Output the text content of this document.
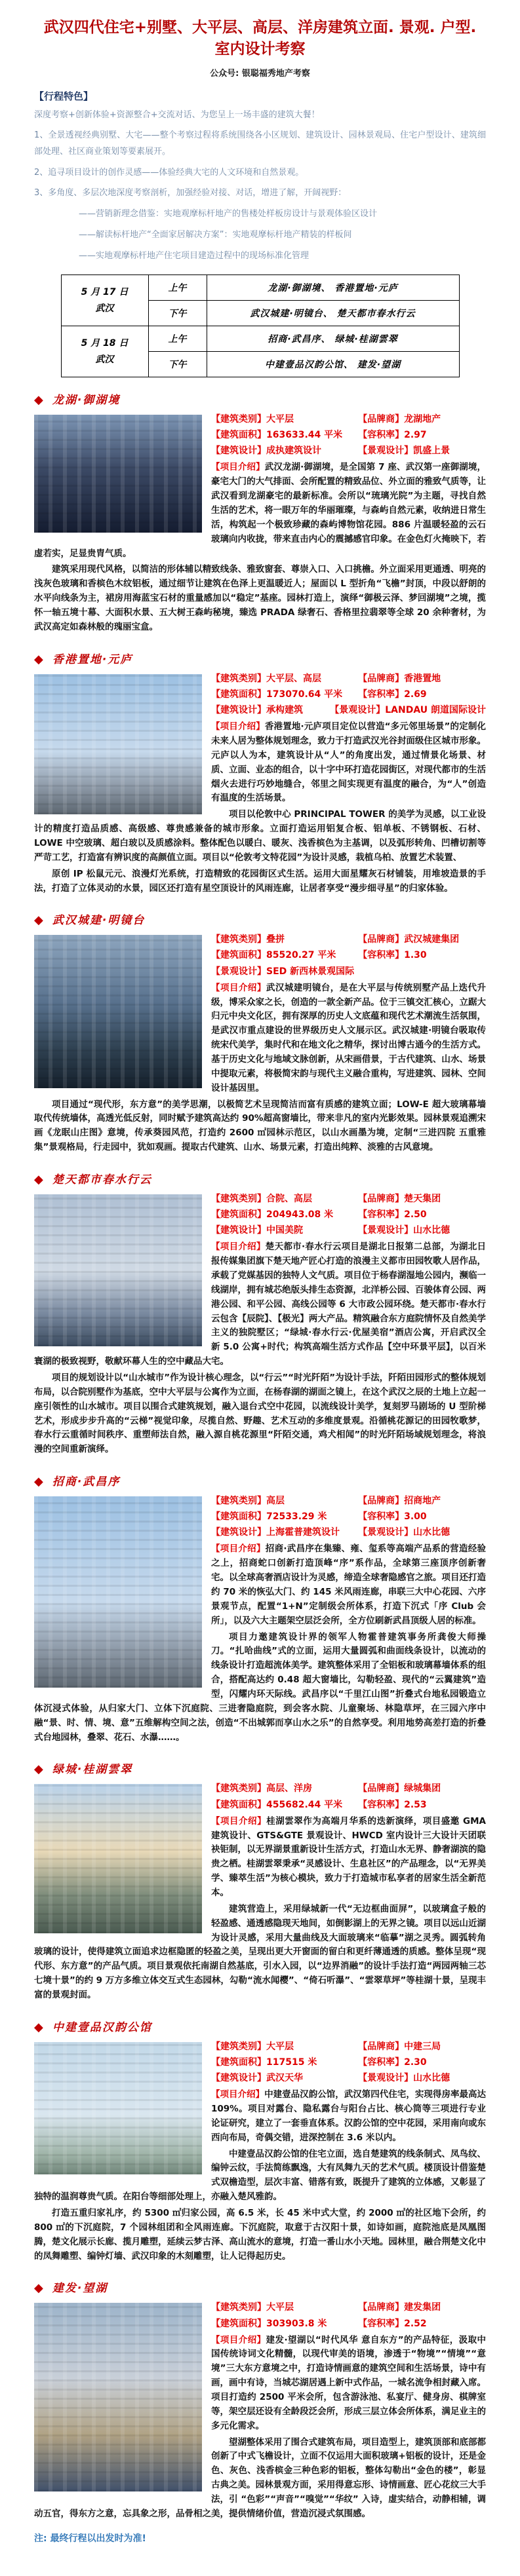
武汉四代住宅+别墅、大平层、高层、洋房建筑立面. 景观. 户型. 室内设计考察
公众号: 银聪福秀地产考察
【行程特色】

深度考察+创新体验+资源整合+交流对话、为您呈上一场丰盛的建筑大餐！

1、全景透视经典别墅、大宅——整个考察过程将系统围绕各小区规划、建筑设计、园林景观局、住宅户型设计、建筑细部处理、社区商业策划等要素展开。

2、追寻项目设计的创作灵感——体验经典大宅的人文环境和自然景观。

3、多角度、多层次地深度考察剖析，加强经验对接、对话，增进了解，开阔视野：

——营销新理念借鉴：实地观摩标杆地产的售楼处样板房设计与景观体验区设计

——解读标杆地产“全面家居解决方案”：实地观摩标杆地产精装的样板间

——实地观摩标杆地产住宅项目建造过程中的现场标准化管理

5 月 17 日
武汉	上午	龙湖·御湖境、 香港置地·元庐
	下午	武汉城建·明镜台、 楚天都市春水行云
5 月 18 日
武汉	上午	招商·武昌序、 绿城·桂湖雲翠
	下午	中建壹品汉韵公馆、 建发·望湖
◆ 龙湖·御湖境
【建筑类别】大平层	【品牌商】龙湖地产
【建筑面积】163633.44 平米	【容积率】2.97
【建筑设计】成执建筑设计	【景观设计】凯盛上景

【项目介绍】武汉龙湖·御湖境，是全国第 7 座、武汉第一座御湖境，豪宅大门的大气排面、会所配置的精致品位、外立面的雅致气质等，让武汉看到龙湖豪宅的最新标准。会所以“琉璃光院”为主题，寻找自然生活的艺术，将一眼万年的华丽璀璨，与森屿自然元素，收纳进日常生活，构筑起一个极致珍藏的森屿博物馆花园。886 片温暖轻盈的云石玻璃向内收拢，带来直击内心的震撼感官印象。在金色灯火掩映下，若虚若实，足显贵胄气质。

建筑采用现代风格，以简洁的形体辅以精致线条、雅致窗套、尊崇入口、入口挑檐。外立面采用更通透、明亮的浅灰色玻璃和香槟色木纹铝板，通过细节让建筑在色泽上更温暖近人；屋面以 L 型折角“飞檐”封顶，中段以舒朗的水平向线条为主，裙房用海蓝宝石材的重量感加以“稳定”基座。园林打造上，演绎“御极云泽、梦回湖境”之境，揽怀一轴五境十幕、大面积水景、五大树王森屿秘境，臻选 PRADA 绿奢石、香格里拉翡翠等全球 20 余种奢材，为武汉高定如森林般的瑰丽宝盒。

◆ 香港置地·元庐
【建筑类别】大平层、高层	【品牌商】香港置地
【建筑面积】173070.64 平米	【容积率】2.69
【建筑设计】承构建筑	【景观设计】LANDAU 朗道国际设计

【项目介绍】香港置地·元庐项目定位以营造“多元邻里场景”的定制化未来人居为整体规划理念，致力于打造武汉光谷封面级住区城市形象。元庐以人为本，建筑设计从“人”的角度出发，通过情景化场景、材质、立面、业态的组合，以十字中环打造花园街区，对现代都市的生活烟火去进行巧妙地缝合，邻里之间实现更有温度的融合，为“人”创造有温度的生活场景。

项目以伦敦中心 PRINCIPAL TOWER 的美学为灵感，以工业设计的精度打造品质感、高级感、尊贵感兼备的城市形象。立面打造运用铝复合板、铝单板、不锈钢板、石材、LOWE 中空玻璃、超白玻以及质感涂料。整体配色以暖白、暖灰、浅香槟色为主基调，以及弧形转角、凹槽切割等严苛工艺，打造富有辨识度的高颜值立面。项目以“伦敦考文特花园”为设计灵感，栽植乌柏、放置艺术装置、

原创 IP 松鼠元元、浪漫灯光系统，打造精致的花园街区式生活。运用大面星耀灰石材铺装，用堆坡造景的手法，打造了立体灵动的水景，园区还打造有星空顶设计的风雨连廊，让居者享受“漫步细寻星”的归家体验。

◆ 武汉城建·明镜台
【建筑类别】叠拼	【品牌商】武汉城建集团
【建筑面积】85520.27 平米	【容积率】1.30
【景观设计】SED 新西林景观国际

【项目介绍】武汉城建明镜台，是在大平层与传统别墅产品上迭代升级，博采众家之长，创造的一款全新产品。位于三镇交汇核心，立踞大归元中央文化区，拥有深厚的历史人文底蕴和现代艺术潮流生活氛围，是武汉市重点建设的世界级历史人文展示区。武汉城建·明镜台吸取传统宋代美学，集时代和在地文化之精华，探讨出博古通今的生活方式。基于历史文化与地域文脉创新，从宋画借景，于古代建筑、山水、场景中提取元素，将极简宋韵与现代主义融合重构，写进建筑、园林、空间设计基因里。

项目通过“现代形，东方意”的美学思潮，以极简艺术呈现简洁而富有质感的建筑立面；LOW-E 超大玻璃幕墙取代传统墙体，高透光低反射，同时赋予建筑高达约 90%超高窗墙比，带来非凡的室内光影效果。园林景观追溯宋画《龙眠山庄图》意境，传承葵园风范，打造约 2600 ㎡园林示范区，以山水画墨为境，定制“三进四院 五重雅集”景观格局，行走园中，犹如观画。提取古代建筑、山水、场景元素，打造出纯粹、淡雅的古风意境。

◆ 楚天都市春水行云
【建筑类别】合院、高层	【品牌商】楚天集团
【建筑面积】204943.08 米	【容积率】2.50
【建筑设计】中国美院	【景观设计】山水比德

【项目介绍】楚天都市·春水行云项目是湖北日报第二总部，为湖北日报传媒集团旗下楚天地产匠心打造的浪漫主义都市田园牧歌人居作品，承载了党媒基因的独特人文气质。项目位于杨春湖湿地公园内，濒临一线湖岸，拥有城芯绝版头排生态资源，北洋桥公园、百骏体育公园、两港公园、和平公园、高线公园等 6 大市政公园环绕。楚天都市·春水行云包含【辰院】、【极光】两大产品。精筑融合东方庭院情怀及自然美学主义的独院墅区；“绿城·春水行云·优屋美宿”酒店公寓，开启武汉全新 5.0 公寓+时代；构筑高端生活方式作品【空中环景平层】，以百米寰湖的极致视野，敬献环幕人生的空中藏品大宅。

项目的规划设计以“山水城市”作为设计核心理念，以“行云”“时光阡陌”为设计手法，阡陌田园形式的整体规划布局，以合院别墅作为基底，空中大平层与公寓作为立面，在杨春湖的湖面之镜上，在这个武汉之辰的土地上立起一座引领性的山水城市。项目以围合式建筑规划，融入退台式空中花园，以流线设计美学，复刻罗马剧场的 U 型阶梯艺术，形成步步升高的“云梯”视觉印象，尽揽自然、野趣、艺术互动的多维度景观。沿循桃花源记的田园牧歌梦，春水行云重循时间秩序、重塑师法自然，融入源自桃花源里“阡陌交通，鸡犬相闻”的时光阡陌场域规划理念，将浪漫的空间重新演绎。

◆ 招商·武昌序
【建筑类别】高层	【品牌商】招商地产
【建筑面积】72533.29 米	【容积率】3.00
【建筑设计】上海霍普建筑设计	【景观设计】山水比德

【项目介绍】招商·武昌序在集臻、雍、玺系等高端产品系的营造经验之上，招商蛇口创新打造顶峰“序”系作品，全球第三座顶序创新奢宅。以全球高奢酒店设计为灵感，缔造全球奢隐感官之旅。项目还打造约 70 米的恢弘大门、约 145 米风雨连廊，串联三大中心花园、六序景观节点，配置“1+N”定制级会所体系，打造下沉式「序 Club 会所」，以及六大主题架空层泛会所，全方位刷新武昌顶级人居的标准。

项目力邀建筑设计界的领军人物霍普建筑事务所龚俊大师操刀。“扎哈曲线”式的立面，运用大量圆弧和曲面线条设计，以流动的线条设计打造超流体美学。建筑整体采用了全铝板和玻璃幕墙体系的组合，搭配高达约 0.48 超大窗墙比，勾勒轻盈、现代的“云翼建筑”造型，闪耀内环天际线。武昌序以“千里江山图”折叠式台地私园锻造立体沉浸式体验，从归家大门、立体下沉庭院、三进奢隐庭院，到会客水院、儿童聚场、林隐草坪，在三园六序中融“景、时、情、境、意”五维解构空间之法，创造“不出城郭而享山水之乐”的自然享受。利用地势高差打造的折叠式台地园林，叠翠、花石、水瀑……。

◆ 绿城·桂湖雲翠
【建筑类别】高层、洋房	【品牌商】绿城集团
【建筑面积】455682.44 平米	【容积率】2.53

【项目介绍】桂湖雲翠作为高端月华系的迭新演绎，项目盛邀 GMA 建筑设计、GTS&GTE 景观设计、HWCD 室内设计三大设计天团联袂钜制，以无界湖景重新设计生活方式，打造山水无界、静奢湖滨的隐贵之栖。桂湖雲翠秉承“灵感设计、生息社区”的产品理念，以“无界美学、臻萃生活”为核心模块，致力于打造城市私享者的居家生活全新范本。

建筑营造上，采用绿城新一代“无边框曲面屏”，以玻璃盒子般的轻盈感、通透感隐现天地间，如倒影湖上的无界之镜。项目以远山近湖为设计灵感，采用大量曲线及大面玻璃来“临摹”湖之灵秀。圆弧转角玻璃的设计，使得建筑立面追求边框隐匿的轻盈之美，呈现出更大开窗面的留白和更纤薄通透的质感。整体呈现“现代形、东方意”的产品气质。项目景观依托南湖自然基底，引水入园，以“边界消融”的设计手法打造“两园两轴三芯七境十景”的约 9 万方多维立体交互式生态园林，勾勒“流水闻樱”、“倚石听瀑”、“雲翠草坪”等桂湖十景，呈现丰富的景观封面。

◆ 中建壹品汉韵公馆
【建筑类别】大平层	【品牌商】中建三局
【建筑面积】117515 米	【容积率】2.30
【建筑设计】武汉天华	【景观设计】山水比德

【项目介绍】中建壹品汉韵公馆，武汉第四代住宅，实现得房率最高达 109%。项目对露台、隐私露台与阳台占比、核心筒等三项进行专业论证研究，建立了一套垂直体系。汉韵公馆的空中花园，采用南向或东西向布局，奇偶交错，进深控制在 3.6 米以内。

中建壹品汉韵公馆的住宅立面，选自楚建筑的线条制式、凤鸟纹、编钟云纹，手法简练飘逸，大有凤舞九天的艺术气质。楼顶设计借鉴楚式双檐造型，层次丰富、错落有致，既提升了建筑的立体感，又彰显了独特的温润尊贵气质。在阳台等细部处理上，亦融入楚风雅韵。

打造五重归家礼序，约 5300 ㎡归家公园，高 6.5 米，长 45 米中式大堂，约 2000 ㎡的社区地下会所，约 800 ㎡的下沉庭院，7 个园林组团和全风雨连廊。下沉庭院，取意于古汉阳十景，如诗如画，庭院池底是凤凰图腾，楚文化展示长廊、揽月雕塑，延续云梦古泽、高山流水的意境，打造一番山水小天地。园林里，融合荆楚文化中的凤舞雕塑、编钟灯墙、武汉印象的木刻雕塑，让人记得起历史。

◆ 建发·望湖
【建筑类别】大平层	【品牌商】建发集团
【建筑面积】303903.8 米	【容积率】2.52

【项目介绍】建发·望湖以“时代风华 意自东方”的产品特征，汲取中国传统诗词文化精髓，以现代审美的语境，渗透于“物境”“情境”“意境”三大东方意境之中，打造诗情画意的建筑空间和生活场景，诗中有画，画中有诗，当城芯湖居遇上新中式作品，一城名流争相封藏入席。项目打造约 2500 平米会所，包含游泳池、私宴厅、健身房、棋牌室等，架空层还设有全龄段泛会所，形成三层立体会所体系，满足业主的多元化需求。

望湖整体采用了围合式建筑布局，项目造型上，建筑顶部和底部都创新了中式飞檐设计，立面不仅运用大面积玻璃+铝板的设计，还是金色、灰色、浅香槟金三种色彩的铝板，整体勾勒出“金色的楼”，彰显古典之美。园林景观方面，采用得意忘形、诗情画意、匠心花纹三大手法，引 “色彩”“声音”“嗅觉”“华纹” 入诗，虚实结合，动静相辅，调动五官，得东方之意，忘具象之形，品骨相之美，提供情绪价值，营造沉浸式氛围感。

注: 最终行程以出发时为准!
